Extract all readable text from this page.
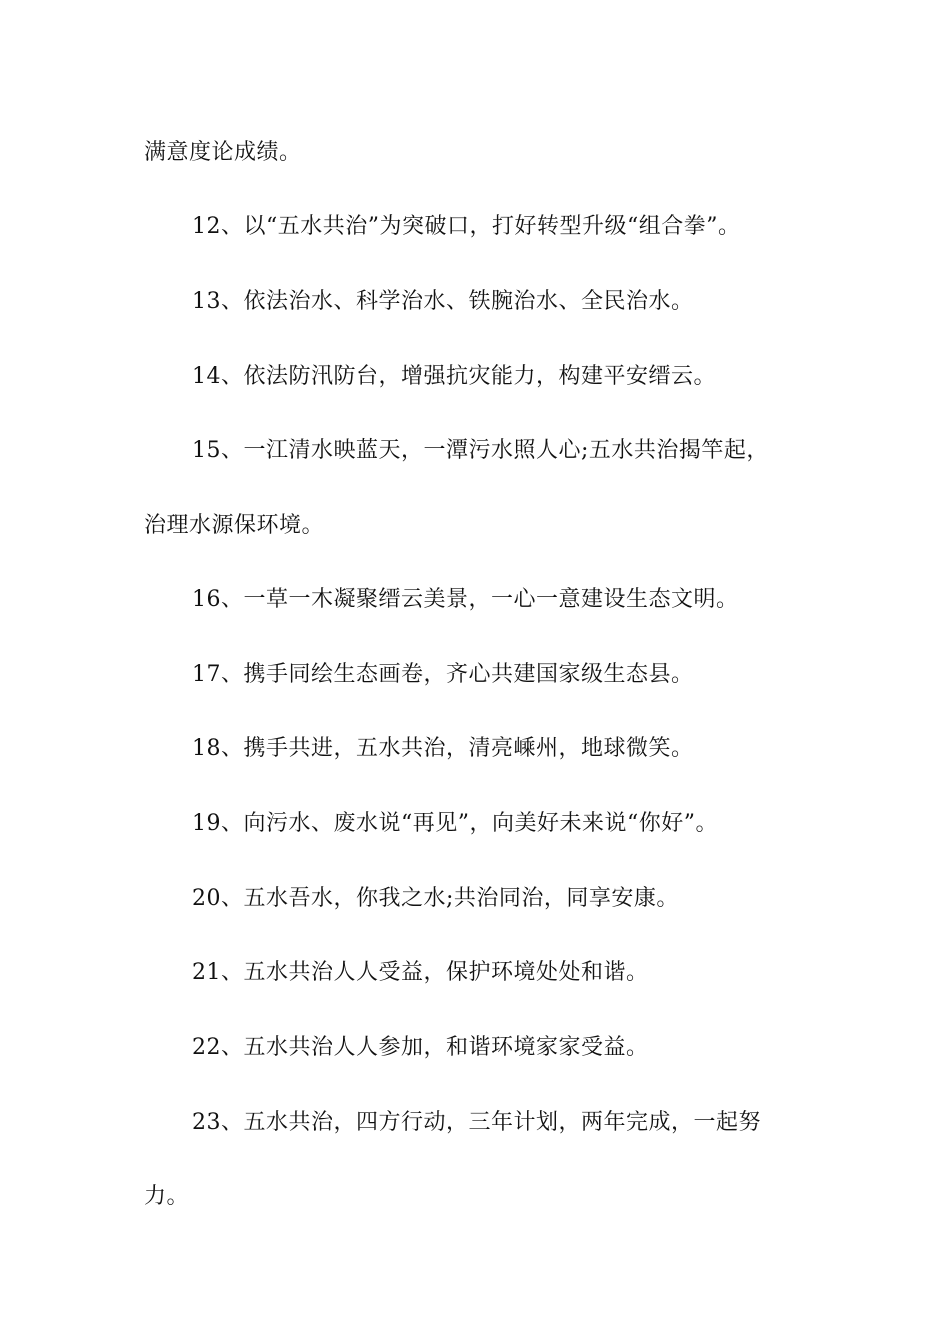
满意度论成绩。
12、以“五水共治”为突破口，打好转型升级“组合拳”。
13、依法治水、科学治水、铁腕治水、全民治水。
14、依法防汛防台，增强抗灾能力，构建平安缙云。
15、一江清水映蓝天，一潭污水照人心;五水共治揭竿起，
治理水源保环境。
16、一草一木凝聚缙云美景，一心一意建设生态文明。
17、携手同绘生态画卷，齐心共建国家级生态县。
18、携手共进，五水共治，清亮嵊州，地球微笑。
19、向污水、废水说“再见”，向美好未来说“你好”。
20、五水吾水，你我之水;共治同治，同享安康。
21、五水共治人人受益，保护环境处处和谐。
22、五水共治人人参加，和谐环境家家受益。
23、五水共治，四方行动，三年计划，两年完成，一起努
力。
